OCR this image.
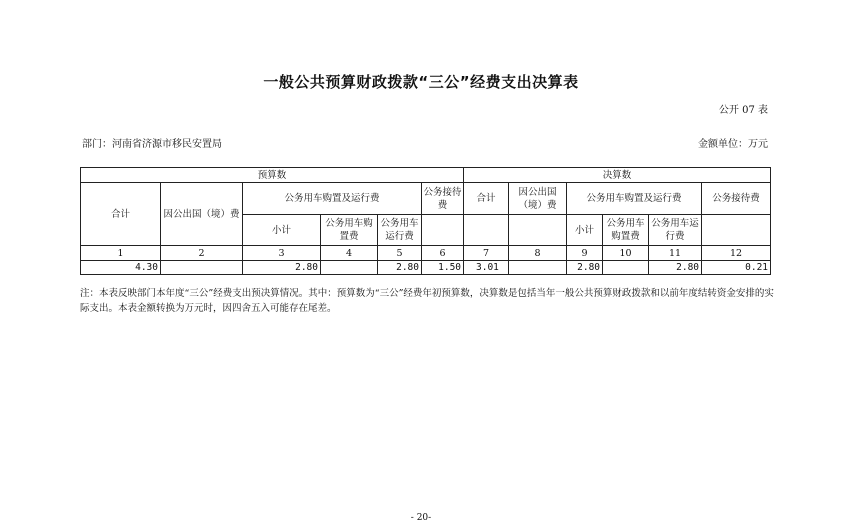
一般公共预算财政拨款“三公”经费支出决算表
公开 07 表
部门：河南省济源市移民安置局	金额单位：万元
预算数						决算数					
合计	因公出国（境）费	公务用车购置及运行费			公务接待费	合计	因公出国（境）费	公务用车购置及运行费			公务接待费
		小计	公务用车购置费	公务用车运行费				小计	公务用车购置费	公务用车运行费	
1	2	3	4	5	6	7	8	9	10	11	12
4.30		2.80		2.80	1.50	3.01		2.80		2.80	0.21
注：本表反映部门本年度“三公”经费支出预决算情况。其中：预算数为“三公”经费年初预算数，决算数是包括当年一般公共预算财政拨款和以前年度结转资金安排的实际支出。本表金额转换为万元时，因四舍五入可能存在尾差。
- 20-
